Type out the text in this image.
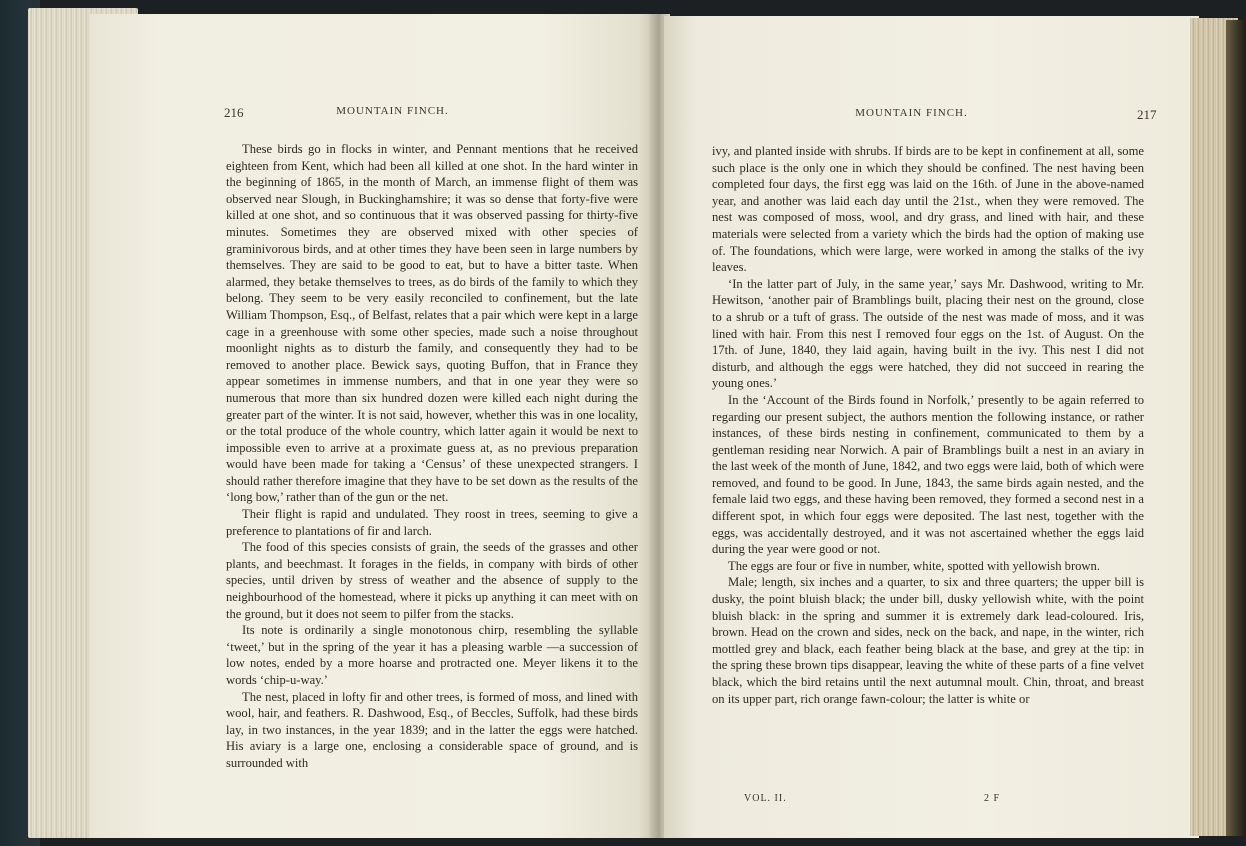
216	MOUNTAIN FINCH.

These birds go in flocks in winter, and Pennant mentions that he received eighteen from Kent, which had been all killed at one shot. In the hard winter in the beginning of 1865, in the month of March, an immense flight of them was observed near Slough, in Buckinghamshire; it was so dense that forty-five were killed at one shot, and so continuous that it was observed passing for thirty-five minutes. Sometimes they are observed mixed with other species of graminivorous birds, and at other times they have been seen in large numbers by themselves. They are said to be good to eat, but to have a bitter taste. When alarmed, they betake themselves to trees, as do birds of the family to which they belong. They seem to be very easily reconciled to confinement, but the late William Thompson, Esq., of Belfast, relates that a pair which were kept in a large cage in a greenhouse with some other species, made such a noise throughout moonlight nights as to disturb the family, and consequently they had to be removed to another place. Bewick says, quoting Buffon, that in France they appear sometimes in immense numbers, and that in one year they were so numerous that more than six hundred dozen were killed each night during the greater part of the winter. It is not said, however, whether this was in one locality, or the total produce of the whole country, which latter again it would be next to impossible even to arrive at a proximate guess at, as no previous preparation would have been made for taking a ‘Census’ of these unexpected strangers. I should rather therefore imagine that they have to be set down as the results of the ‘long bow,’ rather than of the gun or the net.

Their flight is rapid and undulated. They roost in trees, seeming to give a preference to plantations of fir and larch.

The food of this species consists of grain, the seeds of the grasses and other plants, and beechmast. It forages in the fields, in company with birds of other species, until driven by stress of weather and the absence of supply to the neighbourhood of the homestead, where it picks up anything it can meet with on the ground, but it does not seem to pilfer from the stacks.

Its note is ordinarily a single monotonous chirp, resembling the syllable ‘tweet,’ but in the spring of the year it has a pleasing warble —a succession of low notes, ended by a more hoarse and protracted one. Meyer likens it to the words ‘chip-u-way.’

The nest, placed in lofty fir and other trees, is formed of moss, and lined with wool, hair, and feathers. R. Dashwood, Esq., of Beccles, Suffolk, had these birds lay, in two instances, in the year 1839; and in the latter the eggs were hatched. His aviary is a large one, enclosing a considerable space of ground, and is surrounded with

MOUNTAIN FINCH.	217

ivy, and planted inside with shrubs. If birds are to be kept in confinement at all, some such place is the only one in which they should be confined. The nest having been completed four days, the first egg was laid on the 16th. of June in the above-named year, and another was laid each day until the 21st., when they were removed. The nest was composed of moss, wool, and dry grass, and lined with hair, and these materials were selected from a variety which the birds had the option of making use of. The foundations, which were large, were worked in among the stalks of the ivy leaves.

‘In the latter part of July, in the same year,’ says Mr. Dashwood, writing to Mr. Hewitson, ‘another pair of Bramblings built, placing their nest on the ground, close to a shrub or a tuft of grass. The outside of the nest was made of moss, and it was lined with hair. From this nest I removed four eggs on the 1st. of August. On the 17th. of June, 1840, they laid again, having built in the ivy. This nest I did not disturb, and although the eggs were hatched, they did not succeed in rearing the young ones.’

In the ‘Account of the Birds found in Norfolk,’ presently to be again referred to regarding our present subject, the authors mention the following instance, or rather instances, of these birds nesting in confinement, communicated to them by a gentleman residing near Norwich. A pair of Bramblings built a nest in an aviary in the last week of the month of June, 1842, and two eggs were laid, both of which were removed, and found to be good. In June, 1843, the same birds again nested, and the female laid two eggs, and these having been removed, they formed a second nest in a different spot, in which four eggs were deposited. The last nest, together with the eggs, was accidentally destroyed, and it was not ascertained whether the eggs laid during the year were good or not.

The eggs are four or five in number, white, spotted with yellowish brown.

Male; length, six inches and a quarter, to six and three quarters; the upper bill is dusky, the point bluish black; the under bill, dusky yellowish white, with the point bluish black: in the spring and summer it is extremely dark lead-coloured. Iris, brown. Head on the crown and sides, neck on the back, and nape, in the winter, rich mottled grey and black, each feather being black at the base, and grey at the tip: in the spring these brown tips disappear, leaving the white of these parts of a fine velvet black, which the bird retains until the next autumnal moult. Chin, throat, and breast on its upper part, rich orange fawn-colour; the latter is white or

VOL. II.	2 F
